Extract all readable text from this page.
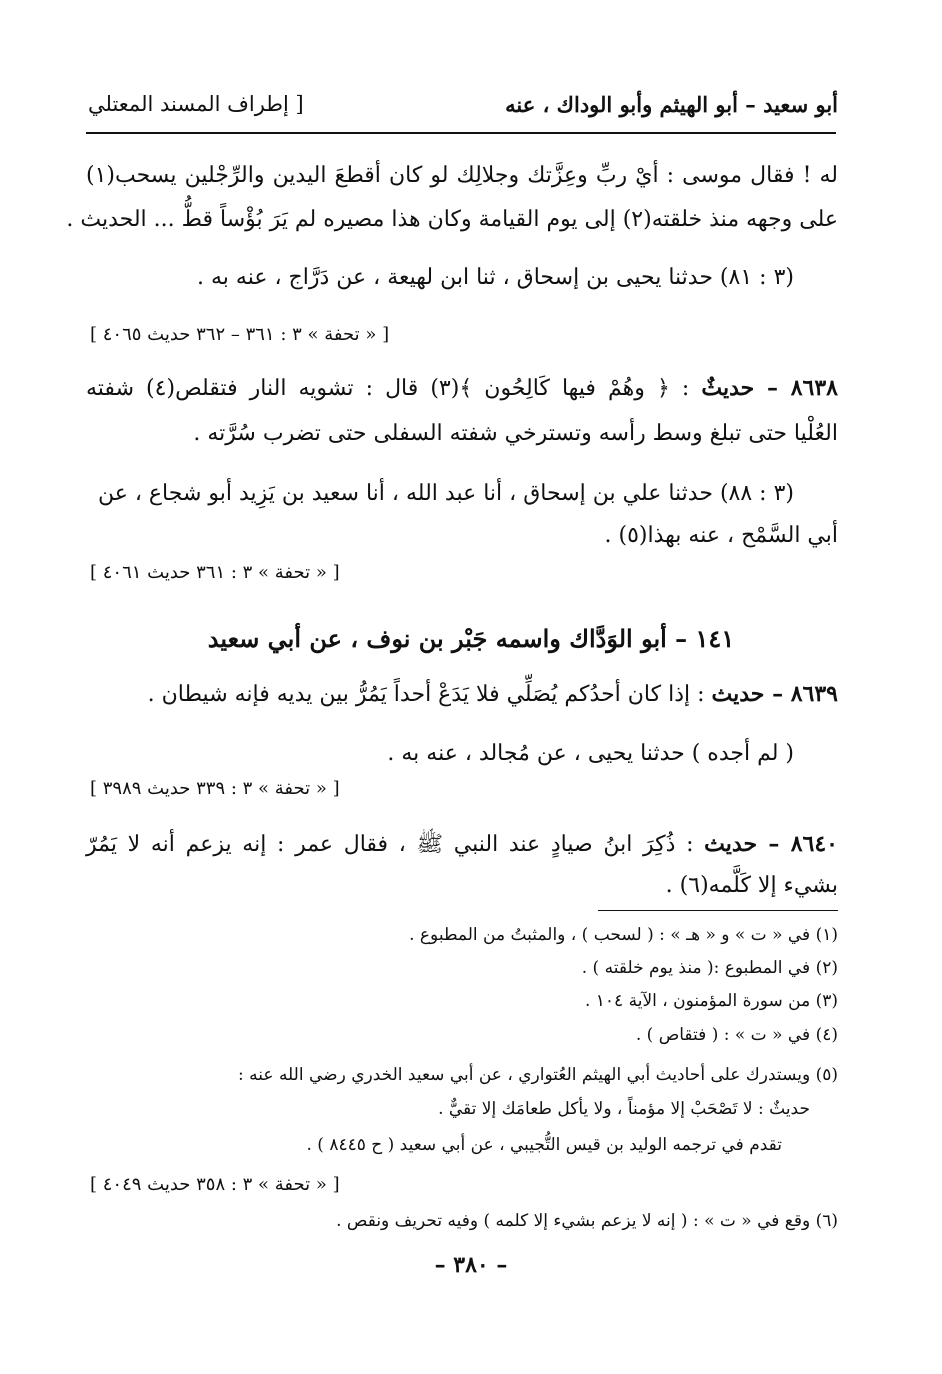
أبو سعيد – أبو الهيثم وأبو الوداك ، عنه
[ إطراف المسند المعتلي
له ! فقال موسى : أيْ ربِّ وعِزَّتك وجلالِك لو كان أقطعَ اليدين والرِّجْلين يسحب(١)
على وجهه منذ خلقته(٢) إلى يوم القيامة وكان هذا مصيره لم يَرَ بُؤْساً قطُّ ... الحديث .
(٣ : ٨١) حدثنا يحيى بن إسحاق ، ثنا ابن لهيعة ، عن دَرَّاج ، عنه به .
[ « تحفة » ٣ : ٣٦١ – ٣٦٢ حديث ٤٠٦٥ ]
٨٦٣٨ – حديثٌ : ﴿ وهُمْ فيها كَالِحُون ﴾(٣) قال : تشويه النار فتقلص(٤) شفته
العُلْيا حتى تبلغ وسط رأسه وتسترخي شفته السفلى حتى تضرب سُرَّته .
(٣ : ٨٨) حدثنا علي بن إسحاق ، أنا عبد الله ، أنا سعيد بن يَزِيد أبو شجاع ، عن
أبي السَّمْح ، عنه بهذا(٥) .
[ « تحفة » ٣ : ٣٦١ حديث ٤٠٦١ ]
١٤١ – أبو الوَدَّاك واسمه جَبْر بن نوف ، عن أبي سعيد
٨٦٣٩ – حديث : إذا كان أحدُكم يُصَلِّي فلا يَدَعْ أحداً يَمُرُّ بين يديه فإنه شيطان .
( لم أجده ) حدثنا يحيى ، عن مُجالد ، عنه به .
[ « تحفة » ٣ : ٣٣٩ حديث ٣٩٨٩ ]
٨٦٤٠ – حديث : ذُكِرَ ابنُ صيادٍ عند النبي ﷺ ، فقال عمر : إنه يزعم أنه لا يَمُرّ
بشيء إلا كَلَّمه(٦) .
(١) في « ت » و « هـ » : ( لسحب ) ، والمثبتُ من المطبوع .
(٢) في المطبوع :( منذ يوم خلقته ) .
(٣) من سورة المؤمنون ، الآية ١٠٤ .
(٤) في « ت » : ( فتقاص ) .
(٥) ويستدرك على أحاديث أبي الهيثم العُتواري ، عن أبي سعيد الخدري رضي الله عنه :
حديثٌ : لا تَصْحَبْ إلا مؤمناً ، ولا يأكل طعامَك إلا تقيٌّ .
تقدم في ترجمه الوليد بن قيس التُّجيبي ، عن أبي سعيد ( ح ٨٤٤٥ ) .
[ « تحفة » ٣ : ٣٥٨ حديث ٤٠٤٩ ]
(٦) وقع في « ت » : ( إنه لا يزعم بشيء إلا كلمه ) وفيه تحريف ونقص .
– ٣٨٠ –
